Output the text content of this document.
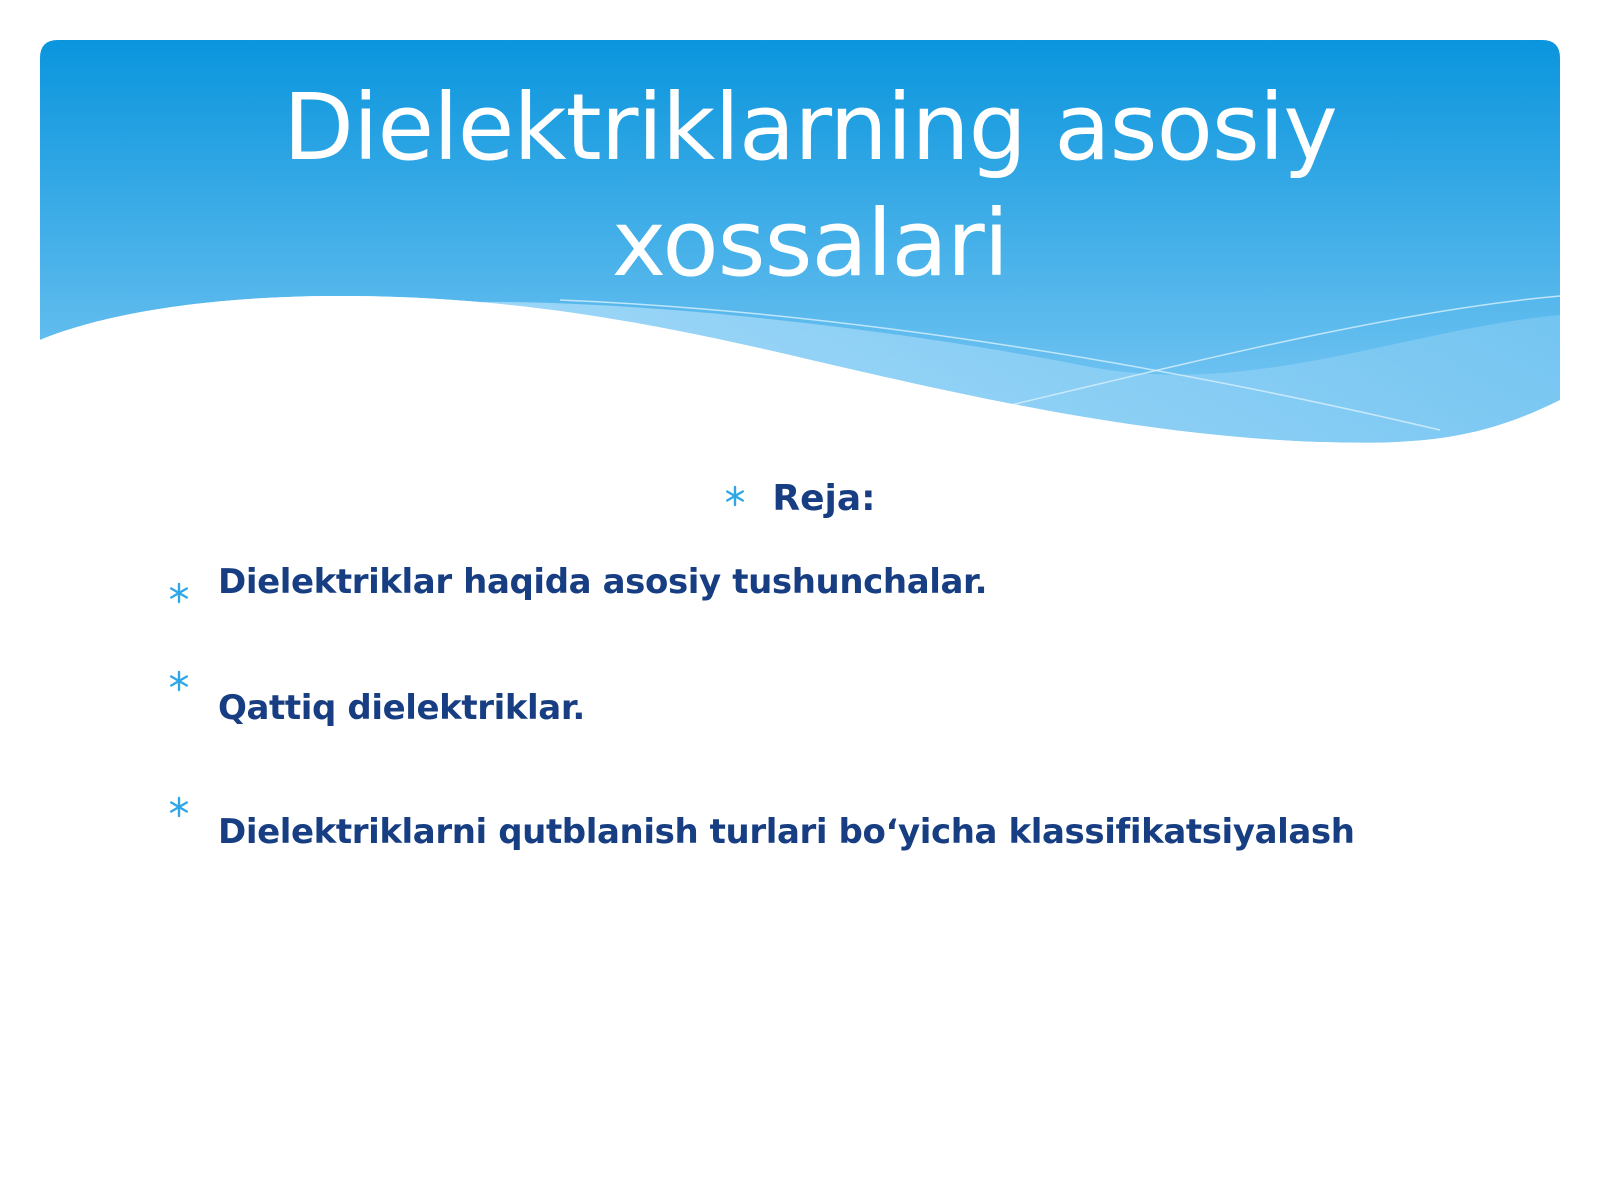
Dielektriklarning asosiy xossalari
Reja:
Dielektriklar haqida asosiy tushunchalar.
Qattiq dielektriklar.
Dielektriklarni qutblanish turlari bo‘yicha klassifikatsiyalash
